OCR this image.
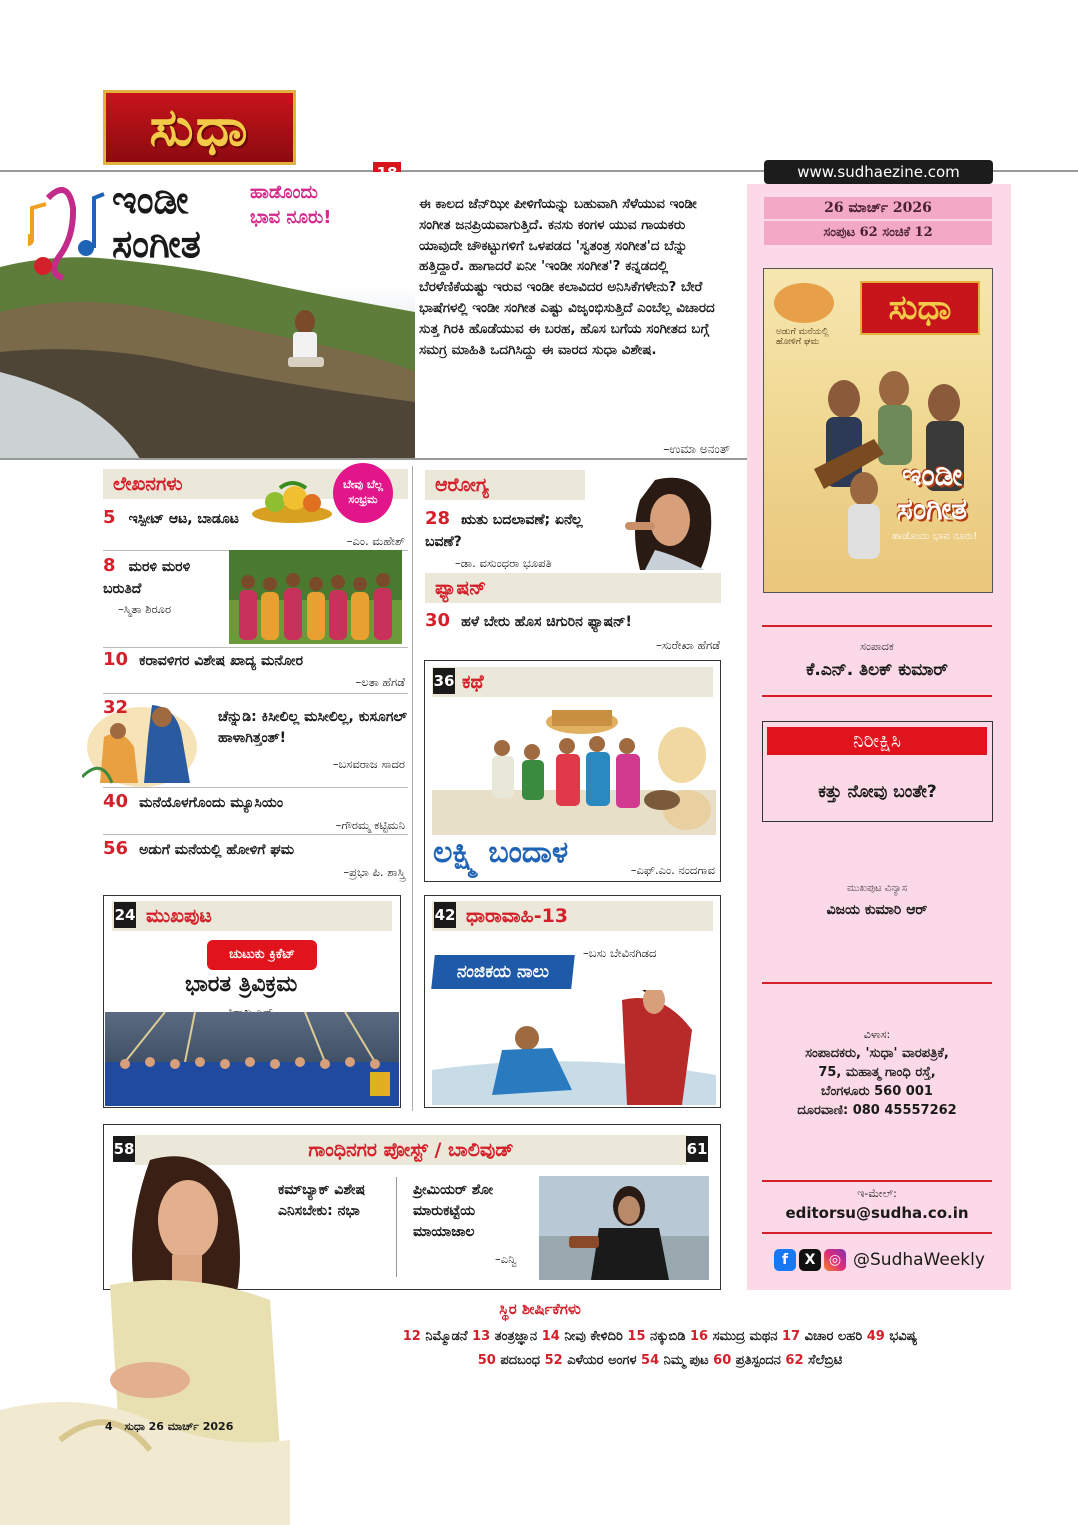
ಸುಧಾ
www.sudhaezine.com
26 ಮಾರ್ಚ್ 2026
ಸಂಪುಟ 62 ಸಂಚಿಕೆ 12
ಅಡುಗೆ ಮನೆಯಲ್ಲಿ ಹೋಳಿಗೆ ಘಮ
ಸುಧಾ
ಇಂಡೀ
ಸಂಗೀತ
ಹಾಡೊಂದು ಭಾವ ನೂರು!
ಸಂಪಾದಕ
ಕೆ.ಎನ್. ತಿಲಕ್ ಕುಮಾರ್
ನಿರೀಕ್ಷಿಸಿ
ಕತ್ತು ನೋವು ಬಂತೇ?
ಮುಖಪುಟ ವಿನ್ಯಾಸ
ವಿಜಯ ಕುಮಾರಿ ಆರ್
ವಿಳಾಸ:
ಸಂಪಾದಕರು, 'ಸುಧಾ' ವಾರಪತ್ರಿಕೆ,
75, ಮಹಾತ್ಮ ಗಾಂಧಿ ರಸ್ತೆ,
ಬೆಂಗಳೂರು 560 001
ದೂರವಾಣಿ: 080 45557262
ಇ-ಮೇಲ್:
editorsu@sudha.co.in
f	X ◎ @SudhaWeekly
ಇಂಡೀ
ಸಂಗೀತ
ಹಾಡೊಂದು
ಭಾವ ನೂರು!
ಈ ಕಾಲದ ಜೆನ್‌ಝೀ ಪೀಳಿಗೆಯನ್ನು ಬಹುವಾಗಿ ಸೆಳೆಯುವ ಇಂಡೀ ಸಂಗೀತ ಜನಪ್ರಿಯವಾಗುತ್ತಿದೆ. ಕನಸು ಕಂಗಳ ಯುವ ಗಾಯಕರು ಯಾವುದೇ ಚೌಕಟ್ಟುಗಳಿಗೆ ಒಳಪಡದ 'ಸ್ವತಂತ್ರ ಸಂಗೀತ'ದ ಬೆನ್ನು ಹತ್ತಿದ್ದಾರೆ. ಹಾಗಾದರೆ ಏನೀ 'ಇಂಡೀ ಸಂಗೀತ'? ಕನ್ನಡದಲ್ಲಿ ಬೆರಳೆಣಿಕೆಯಷ್ಟು ಇರುವ ಇಂಡೀ ಕಲಾವಿದರ ಅನಿಸಿಕೆಗಳೇನು? ಬೇರೆ ಭಾಷೆಗಳಲ್ಲಿ ಇಂಡೀ ಸಂಗೀತ ಎಷ್ಟು ವಿಜೃಂಭಿಸುತ್ತಿದೆ ಎಂಬೆಲ್ಲ ವಿಚಾರದ ಸುತ್ತ ಗಿರಕಿ ಹೊಡೆಯುವ ಈ ಬರಹ, ಹೊಸ ಬಗೆಯ ಸಂಗೀತದ ಬಗ್ಗೆ ಸಮಗ್ರ ಮಾಹಿತಿ ಒದಗಿಸಿದ್ದು ಈ ವಾರದ ಸುಧಾ ವಿಶೇಷ.
–ಉಮಾ ಅನಂತ್
ಲೇಖನಗಳು	ಬೇವು ಬೆಲ್ಲ ಸಂಭ್ರಮ
5 ಇಸ್ಪೀಟ್ ಆಟ, ಬಾಡೂಟ
–ಎಂ. ಮಹೇಶ್
8 ಮರಳಿ ಮರಳಿ ಬರುತಿದೆ
–ಸ್ಮಿತಾ ಶಿರೂರ
10 ಕರಾವಳಿಗರ ವಿಶೇಷ ಖಾದ್ಯ ಮನೋರ
–ಲತಾ ಹೆಗಡೆ
32	ಚೆನ್ನುಡಿ: ಕಿಸೀಲಿಲ್ಲ ಮಸೀಲಿಲ್ಲ, ಕುಸೂಗಲ್ ಹಾಳಾಗಿತ್ತಂತ್!
–ಬಸವರಾಜ ಸಾದರ
40 ಮನೆಯೊಳಗೊಂದು ಮ್ಯೂಸಿಯಂ
–ಗೌರಮ್ಮ ಕಟ್ಟಿಮನಿ
56 ಅಡುಗೆ ಮನೆಯಲ್ಲಿ ಹೋಳಿಗೆ ಘಮ
–ಪ್ರಭಾ ಪಿ. ಶಾಸ್ತ್ರಿ
ಆರೋಗ್ಯ
28 ಋತು ಬದಲಾವಣೆ; ಏನೆಲ್ಲ ಬವಣೆ?
–ಡಾ. ವಸುಂಧರಾ ಭೂಪತಿ
ಫ್ಯಾಷನ್
30 ಹಳೆ ಬೇರು ಹೊಸ ಚಿಗುರಿನ ಫ್ಯಾಷನ್!
–ಸುರೇಖಾ ಹೆಗಡೆ
ಕಥೆ
36
ಲಕ್ಷ್ಮಿ ಬಂದಾಳ	–ಎಫ್.ಎಂ. ನಂದಗಾವ
ಮುಖಪುಟ
24
ಚುಟುಕು ಕ್ರಿಕೆಟ್
ಭಾರತ ತ್ರಿವಿಕ್ರಮ
ಧಾರಾವಾಹಿ-13
42
–ಬಸು ಬೇವಿನಗಿಡದ
ನಂಜಿಕಯ ನಾಲು
ಗಾಂಧಿನಗರ ಪೋಸ್ಟ್ / ಬಾಲಿವುಡ್
58	61
ಕಮ್‌ಬ್ಯಾಕ್ ವಿಶೇಷ ಎನಿಸಬೇಕು: ನಭಾ
ಪ್ರೀಮಿಯರ್ ಶೋ ಮಾರುಕಟ್ಟೆಯ ಮಾಯಾಜಾಲ
–ಎನ್ವಿ
ಸ್ಥಿರ ಶೀರ್ಷಿಕೆಗಳು
12 ನಿಮ್ಮೊಡನೆ 13 ತಂತ್ರಜ್ಞಾನ 14 ನೀವು ಕೇಳಿದಿರಿ 15 ನಕ್ಕುಬಿಡಿ 16 ಸಮುದ್ರ ಮಥನ 17 ವಿಚಾರ ಲಹರಿ 49 ಭವಿಷ್ಯ
50 ಪದಬಂಧ 52 ಎಳೆಯರ ಅಂಗಳ 54 ನಿಮ್ಮ ಪುಟ 60 ಪ್ರತಿಸ್ಪಂದನ 62 ಸೆಲೆಬ್ರಿಟಿ
4 ಸುಧಾ 26 ಮಾರ್ಚ್ 2026
